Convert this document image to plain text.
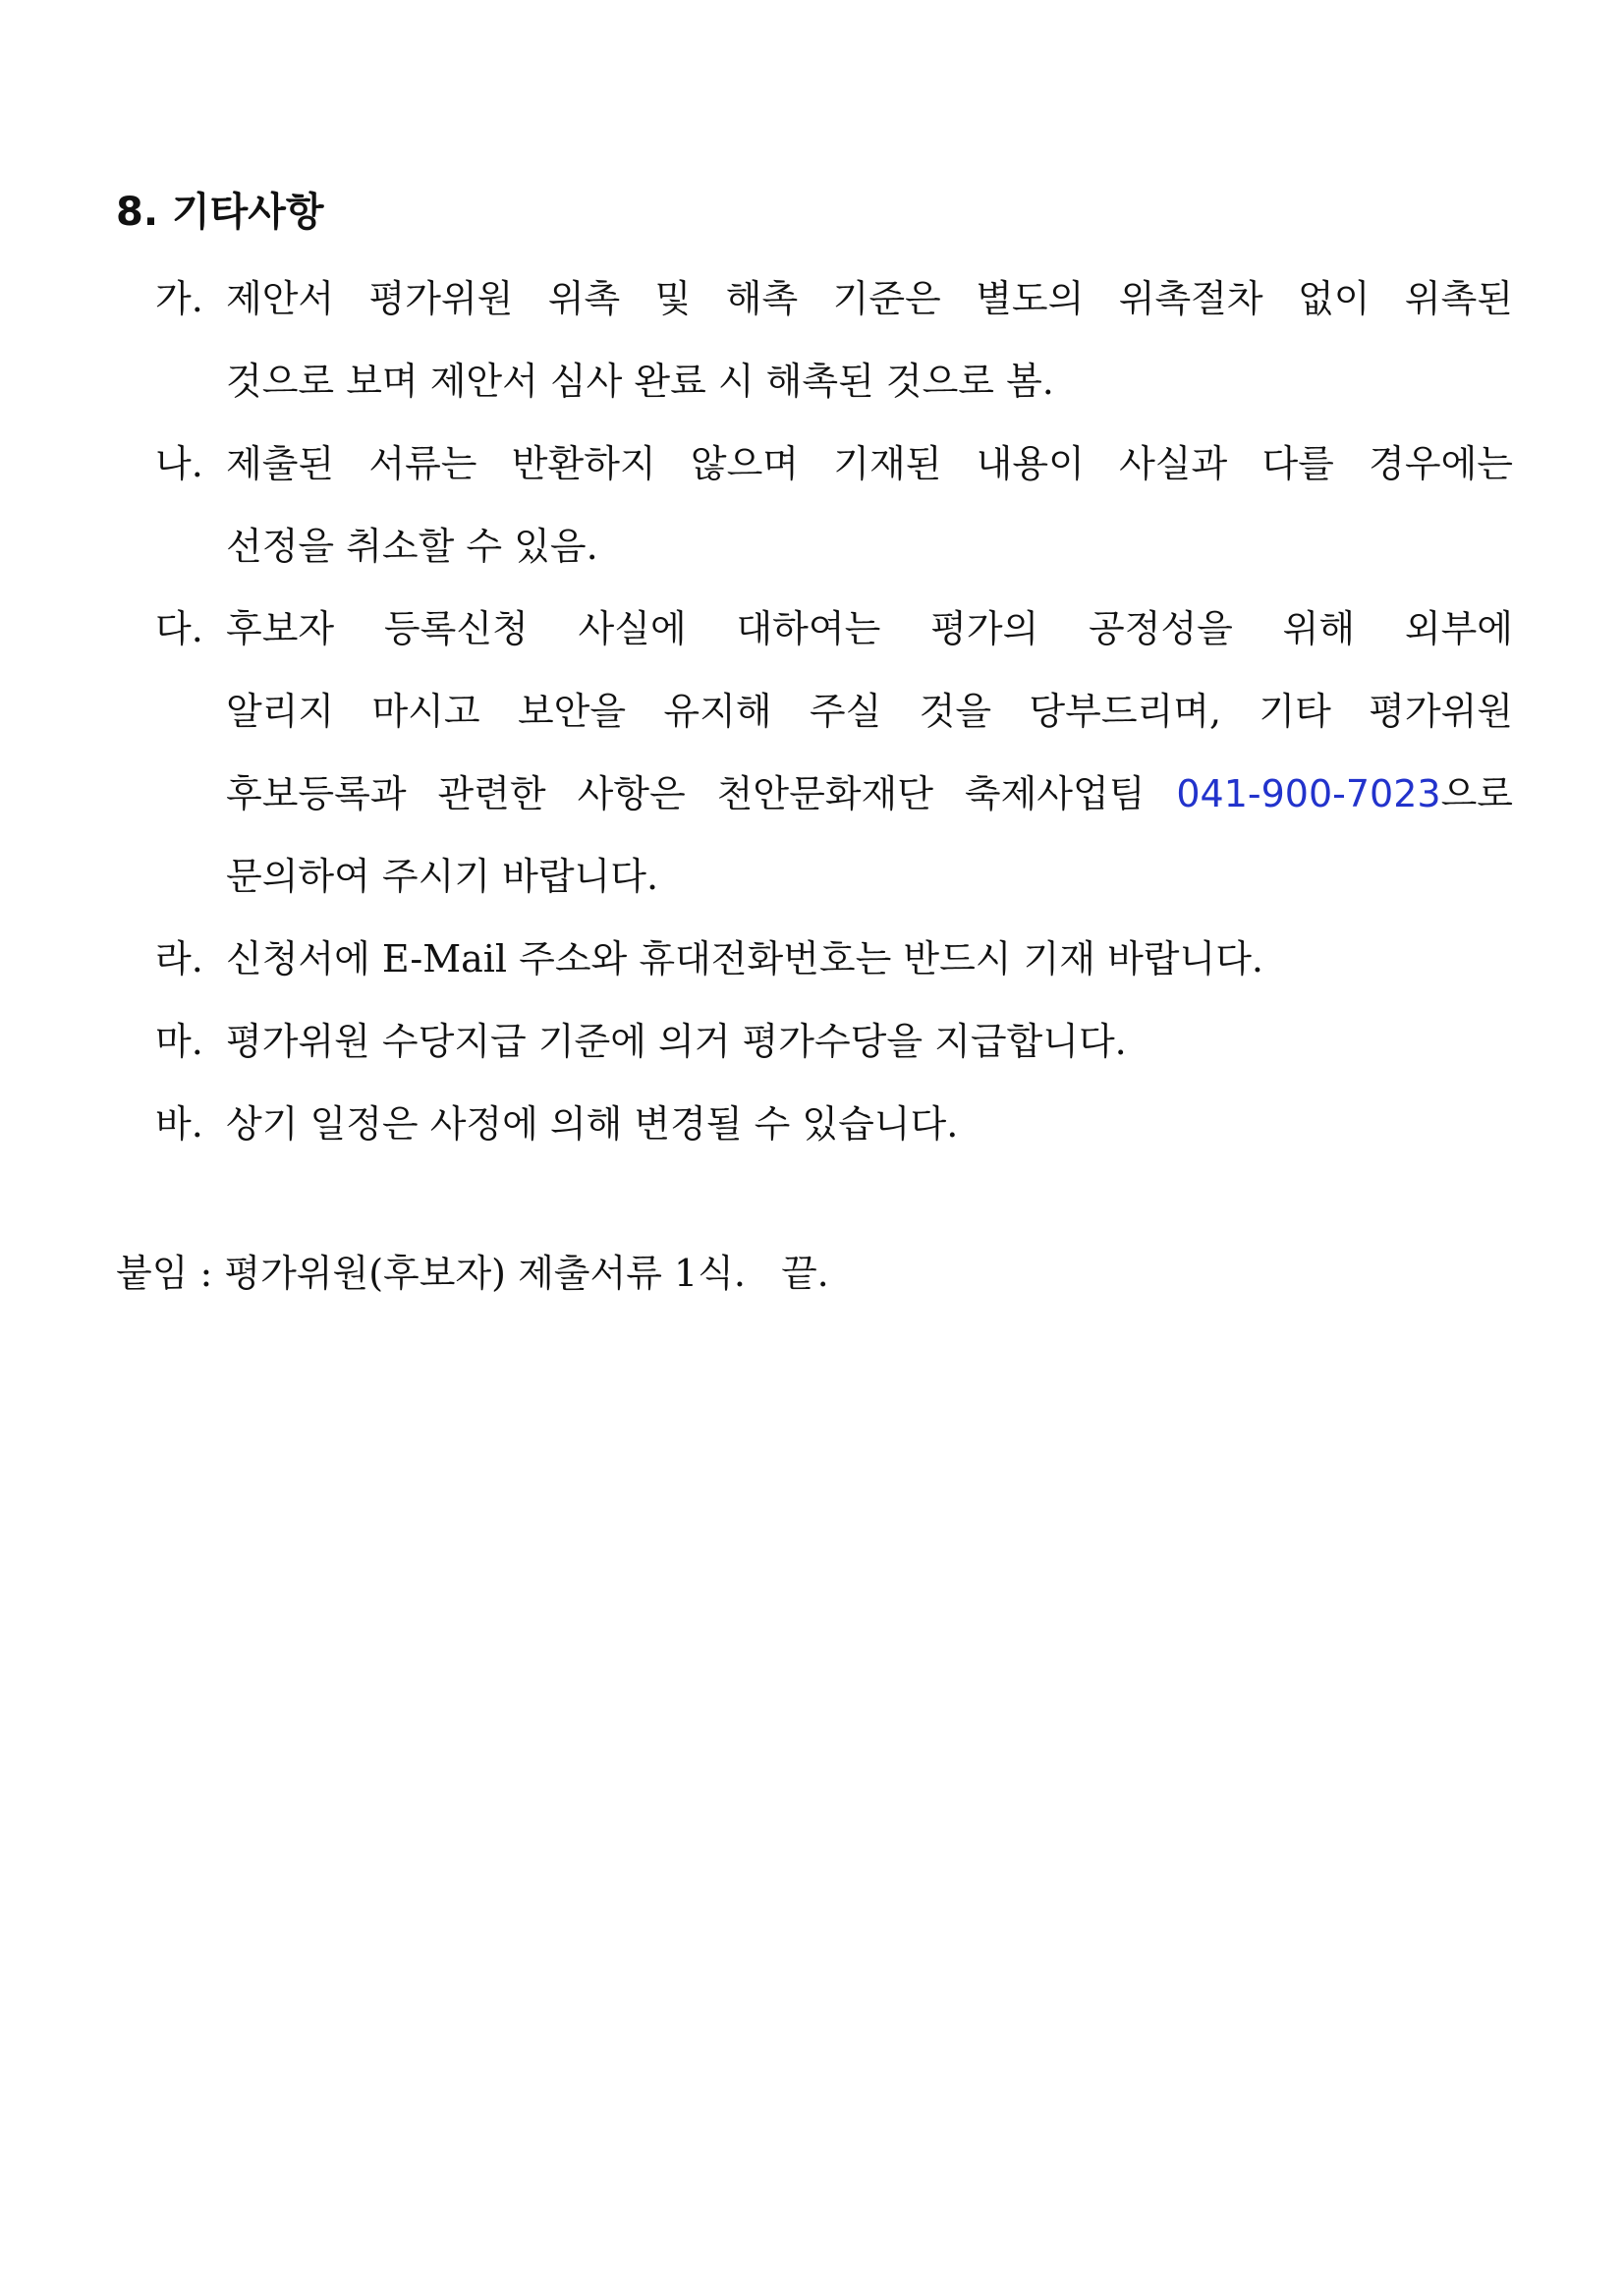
8. 기타사항
가. 제안서 평가위원 위촉 및 해촉 기준은 별도의 위촉절차 없이 위촉된
것으로 보며 제안서 심사 완료 시 해촉된 것으로 봄.
나. 제출된 서류는 반환하지 않으며 기재된 내용이 사실과 다를 경우에는
선정을 취소할 수 있음.
다. 후보자 등록신청 사실에 대하여는 평가의 공정성을 위해 외부에
알리지 마시고 보안을 유지해 주실 것을 당부드리며, 기타 평가위원
후보등록과 관련한 사항은 천안문화재단 축제사업팀 041-900-7023으로
문의하여 주시기 바랍니다.
라. 신청서에 E-Mail 주소와 휴대전화번호는 반드시 기재 바랍니다.
마. 평가위원 수당지급 기준에 의거 평가수당을 지급합니다.
바. 상기 일정은 사정에 의해 변경될 수 있습니다.
붙임 : 평가위원(후보자) 제출서류 1식. 끝.
